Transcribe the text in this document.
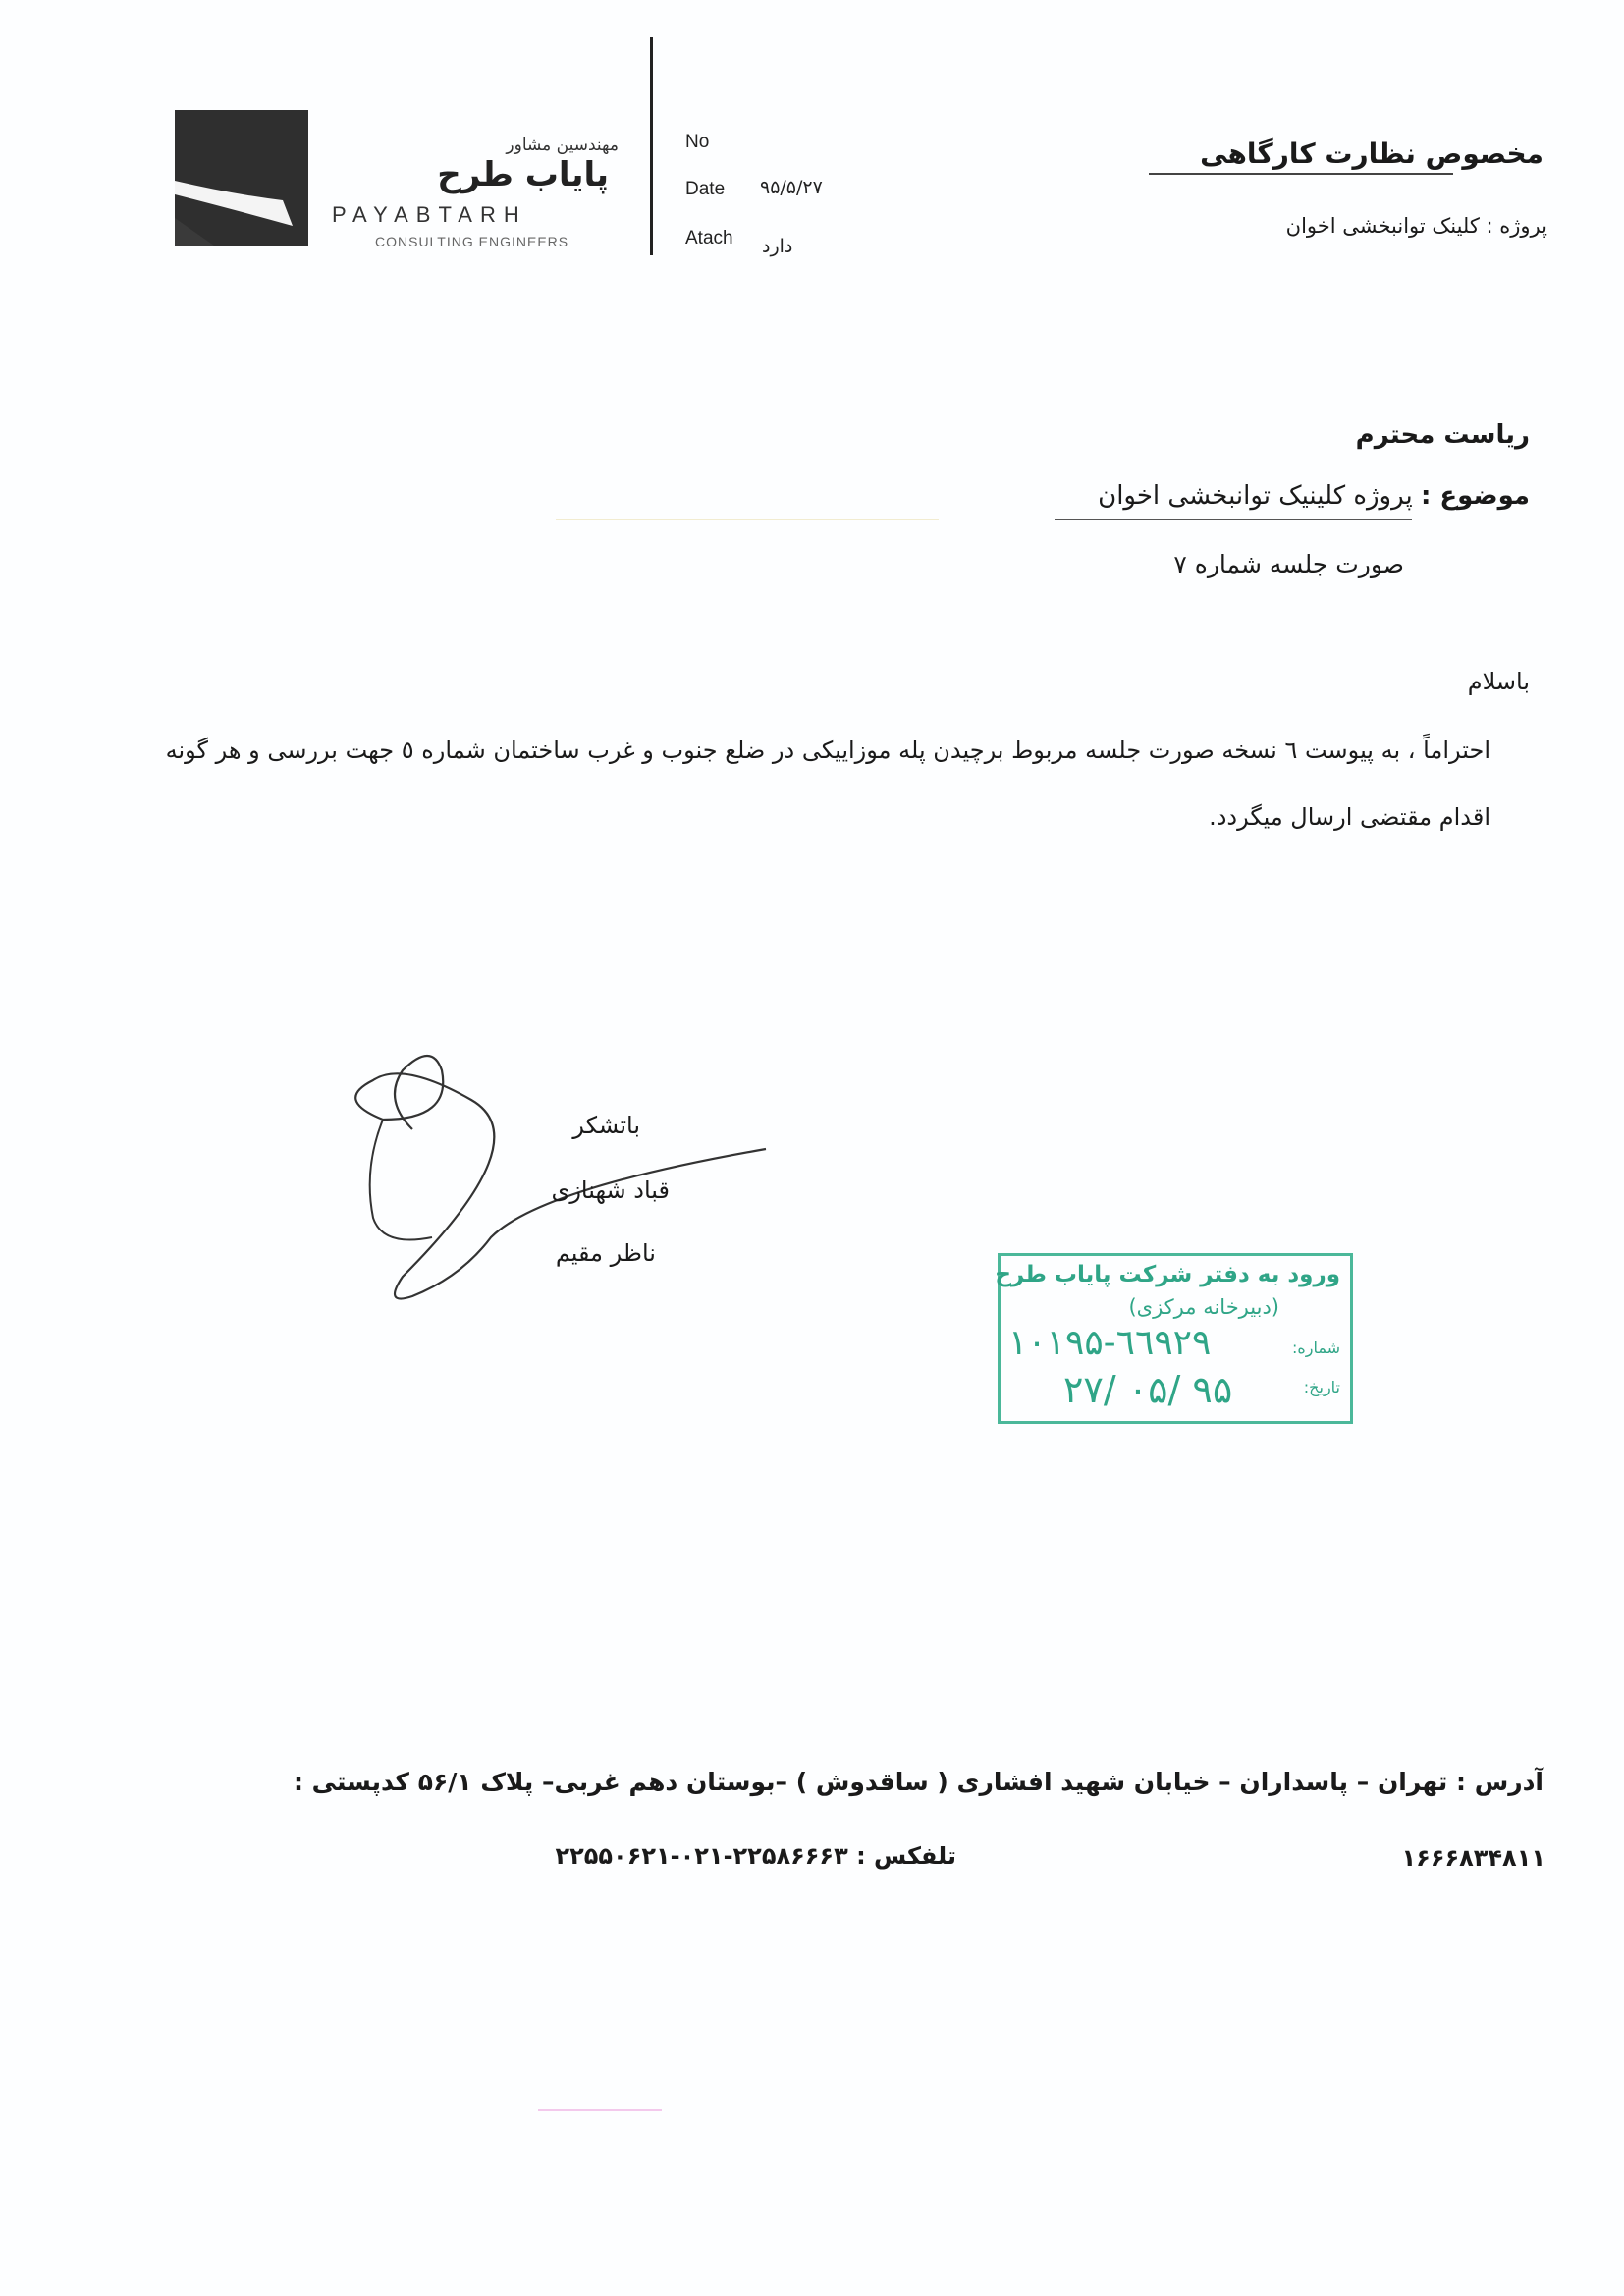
مهندسین مشاور
پایاب طرح
PAYABTARH
CONSULTING ENGINEERS
No
Date ۹۵/۵/۲۷
Atach دارد
مخصوص نظارت کارگاهی
پروژه : کلینک توانبخشی اخوان
ریاست محترم
موضوع : پروژه کلینیک توانبخشی اخوان
صورت جلسه شماره ۷
باسلام
احتراماً ، به پیوست ٦ نسخه صورت جلسه مربوط برچیدن پله موزاییکی در ضلع جنوب و غرب ساختمان شماره ٥ جهت بررسی و هر گونه اقدام مقتضی ارسال میگردد.
باتشکر
قباد شهنازی
ناظر مقیم
ورود به دفتر شرکت پایاب طرح
(دبیرخانه مرکزی)
شماره:
۱۰۱۹۵-٦٦۹۲۹
تاریخ:
۲۷/ ۰۵/ ۹۵
آدرس : تهران – پاسداران – خیابان شهید افشاری ( ساقدوش ) –بوستان دهم غربی– پلاک ۵۶/۱ کدپستی :
تلفکس : ۲۲۵۸۶۶۶۳-۰۲۱-۲۲۵۵۰۶۲۱	۱۶۶۶۸۳۴۸۱۱
